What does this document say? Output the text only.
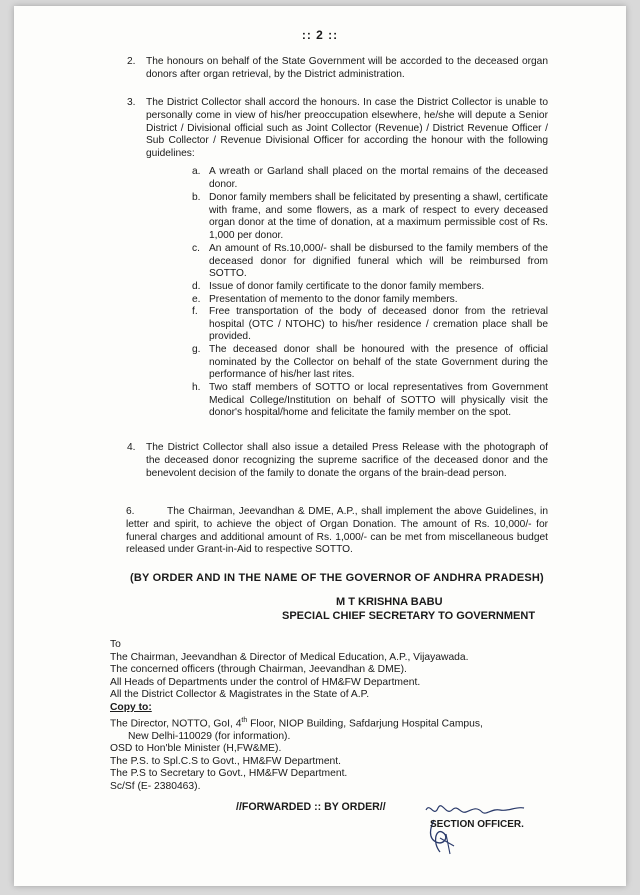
:: 2 ::
2. The honours on behalf of the State Government will be accorded to the deceased organ donors after organ retrieval, by the District administration.
3. The District Collector shall accord the honours. In case the District Collector is unable to personally come in view of his/her preoccupation elsewhere, he/she will depute a Senior District / Divisional official such as Joint Collector (Revenue) / District Revenue Officer / Sub Collector / Revenue Divisional Officer for according the honour with the following guidelines:
a. A wreath or Garland shall placed on the mortal remains of the deceased donor.
b. Donor family members shall be felicitated by presenting a shawl, certificate with frame, and some flowers, as a mark of respect to every deceased organ donor at the time of donation, at a maximum permissible cost of Rs. 1,000 per donor.
c. An amount of Rs.10,000/- shall be disbursed to the family members of the deceased donor for dignified funeral which will be reimbursed from SOTTO.
d. Issue of donor family certificate to the donor family members.
e. Presentation of memento to the donor family members.
f. Free transportation of the body of deceased donor from the retrieval hospital (OTC / NTOHC) to his/her residence / cremation place shall be provided.
g. The deceased donor shall be honoured with the presence of official nominated by the Collector on behalf of the state Government during the performance of his/her last rites.
h. Two staff members of SOTTO or local representatives from Government Medical College/Institution on behalf of SOTTO will physically visit the donor's hospital/home and felicitate the family member on the spot.
4. The District Collector shall also issue a detailed Press Release with the photograph of the deceased donor recognizing the supreme sacrifice of the deceased donor and the benevolent decision of the family to donate the organs of the brain-dead person.
6.	The Chairman, Jeevandhan & DME, A.P., shall implement the above Guidelines, in letter and spirit, to achieve the object of Organ Donation. The amount of Rs. 10,000/- for funeral charges and additional amount of Rs. 1,000/- can be met from miscellaneous budget released under Grant-in-Aid to respective SOTTO.
(BY ORDER AND IN THE NAME OF THE GOVERNOR OF ANDHRA PRADESH)
M T KRISHNA BABU
SPECIAL CHIEF SECRETARY TO GOVERNMENT
To
The Chairman, Jeevandhan & Director of Medical Education, A.P., Vijayawada.
The concerned officers (through Chairman, Jeevandhan & DME).
All Heads of Departments under the control of HM&FW Department.
All the District Collector & Magistrates in the State of A.P.
Copy to:
The Director, NOTTO, GoI, 4th Floor, NIOP Building, Safdarjung Hospital Campus,
New Delhi-110029 (for information).
OSD to Hon'ble Minister (H,FW&ME).
The P.S. to Spl.C.S to Govt., HM&FW Department.
The P.S to Secretary to Govt., HM&FW Department.
Sc/Sf (E- 2380463).
//FORWARDED :: BY ORDER//
SECTION OFFICER.
